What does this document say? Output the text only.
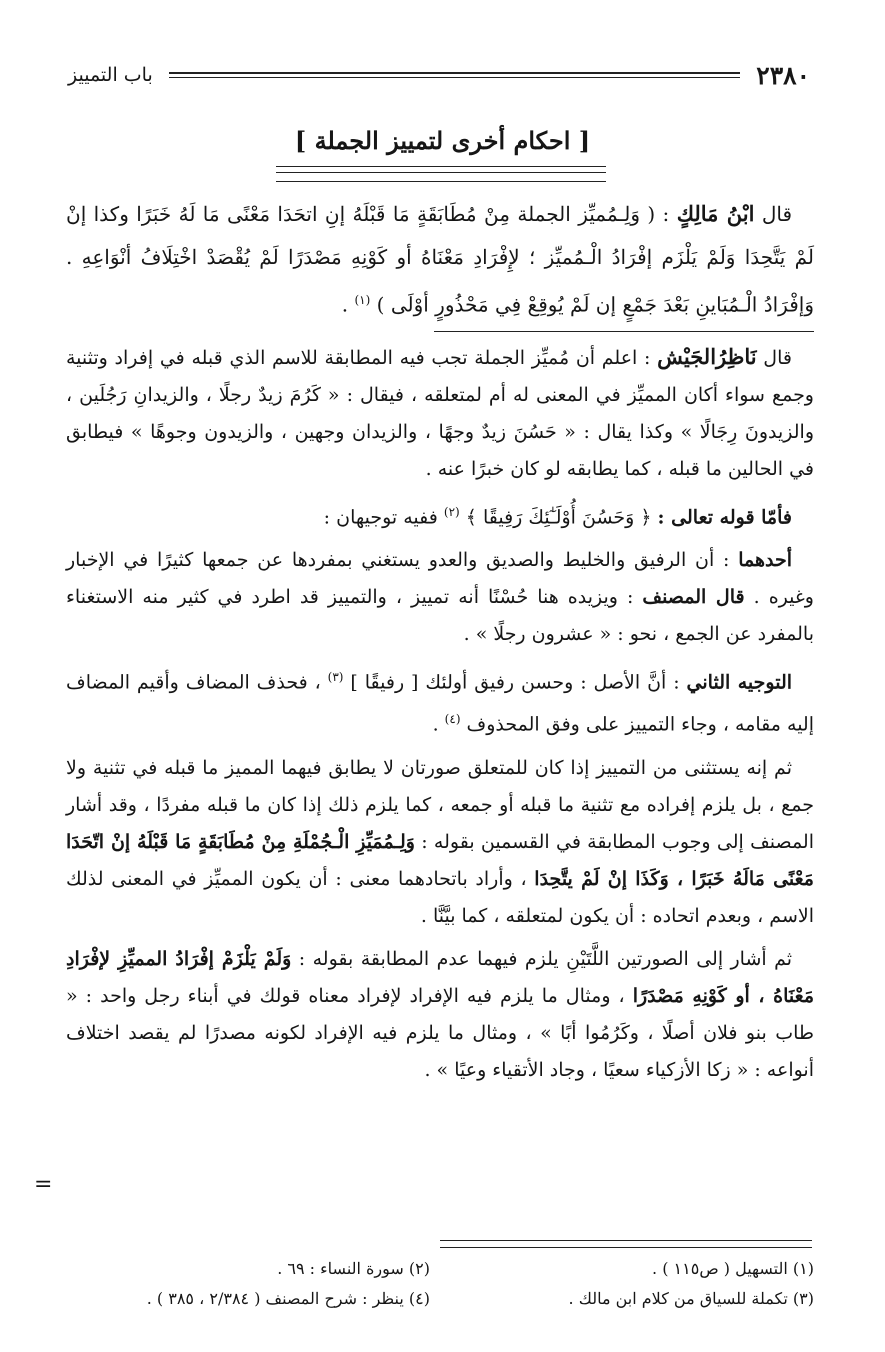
٢٣٨٠
باب التمييز
[ احكام أخرى لتمييز الجملة ]

قال ابْنُ مَالِكٍ : ( وَلِـمُميِّز الجملة مِنْ مُطَابَقَةٍ مَا قَبْلَهُ إنِ اتحَدَا مَعْنًى مَا لَهُ خَبَرًا وكذا إنْ لَمْ يَتَّحِدَا وَلَمْ يَلْزَم إفْرَادُ الْـمُميِّز ؛ لإِفْرَادِ مَعْنَاهُ أو كَوْنِهِ مَصْدَرًا لَمْ يُقْصَدْ اخْتِلَافُ أنْوَاعِهِ . وَإفْرَادُ الْـمُبَاينِ بَعْدَ جَمْعٍ إن لَمْ يُوقِعْ فِي مَحْذُورٍ أوْلَى ) $^{(١)}$ .

قال نَاظِرُالجَيْش : اعلم أن مُميِّز الجملة تجب فيه المطابقة للاسم الذي قبله في إفراد وتثنية وجمع سواء أكان المميِّز في المعنى له أم لمتعلقه ، فيقال : « كَرُمَ زيدٌ رجلًا ، والزيدانِ رَجُلَين ، والزيدونَ رِجَالًا » وكذا يقال : « حَسُنَ زيدٌ وجهًا ، والزيدان وجهين ، والزيدون وجوهًا » فيطابق في الحالين ما قبله ، كما يطابقه لو كان خبرًا عنه .

فأمّا قوله تعالى : ﴿ وَحَسُنَ أُوْلَـٰٓئِكَ رَفِيقًا ﴾ $^{(٢)}$ ففيه توجيهان :

أحدهما : أن الرفيق والخليط والصديق والعدو يستغني بمفردها عن جمعها كثيرًا في الإخبار وغيره . قال المصنف : ويزيده هنا حُسْنًا أنه تمييز ، والتمييز قد اطرد في كثير منه الاستغناء بالمفرد عن الجمع ، نحو : « عشرون رجلًا » .

التوجيه الثاني : أنَّ الأصل : وحسن رفيق أولئك [ رفيقًا ] $^{(٣)}$ ، فحذف المضاف وأقيم المضاف إليه مقامه ، وجاء التمييز على وفق المحذوف $^{(٤)}$ .

ثم إنه يستثنى من التمييز إذا كان للمتعلق صورتان لا يطابق فيهما المميز ما قبله في تثنية ولا جمع ، بل يلزم إفراده مع تثنية ما قبله أو جمعه ، كما يلزم ذلك إذا كان ما قبله مفردًا ، وقد أشار المصنف إلى وجوب المطابقة في القسمين بقوله : وَلِـمُمَيِّزِ الْـجُمْلَةِ مِنْ مُطَابَقَةٍ مَا قَبْلَهُ إنْ اتّحَدَا مَعْنًى مَالَهُ خَبَرًا ، وَكَذَا إنْ لَمْ يتَّحِدَا ، وأراد باتحادهما معنى : أن يكون المميِّز في المعنى لذلك الاسم ، وبعدم اتحاده : أن يكون لمتعلقه ، كما بيَّنَّا .

ثم أشار إلى الصورتين اللَّتَيْنِ يلزم فيهما عدم المطابقة بقوله : وَلَمْ يَلْزَمْ إفْرَادُ المميِّزِ لإفْرَادِ مَعْنَاهُ ، أو كَوْنِهِ مَصْدَرًا ، ومثال ما يلزم فيه الإفراد لإفراد معناه قولك في أبناء رجل واحد : « طاب بنو فلان أصلًا ، وكَرُمُوا أبًا » ، ومثال ما يلزم فيه الإفراد لكونه مصدرًا لم يقصد اختلاف أنواعه : « زكا الأزكياء سعيًا ، وجاد الأتقياء وعيًا » .

=
(١) التسهيل ( ص١١٥ ) .
(٢) سورة النساء : ٦٩ .
(٣) تكملة للسياق من كلام ابن مالك .
(٤) ينظر : شرح المصنف ( ٢/٣٨٤ ، ٣٨٥ ) .
